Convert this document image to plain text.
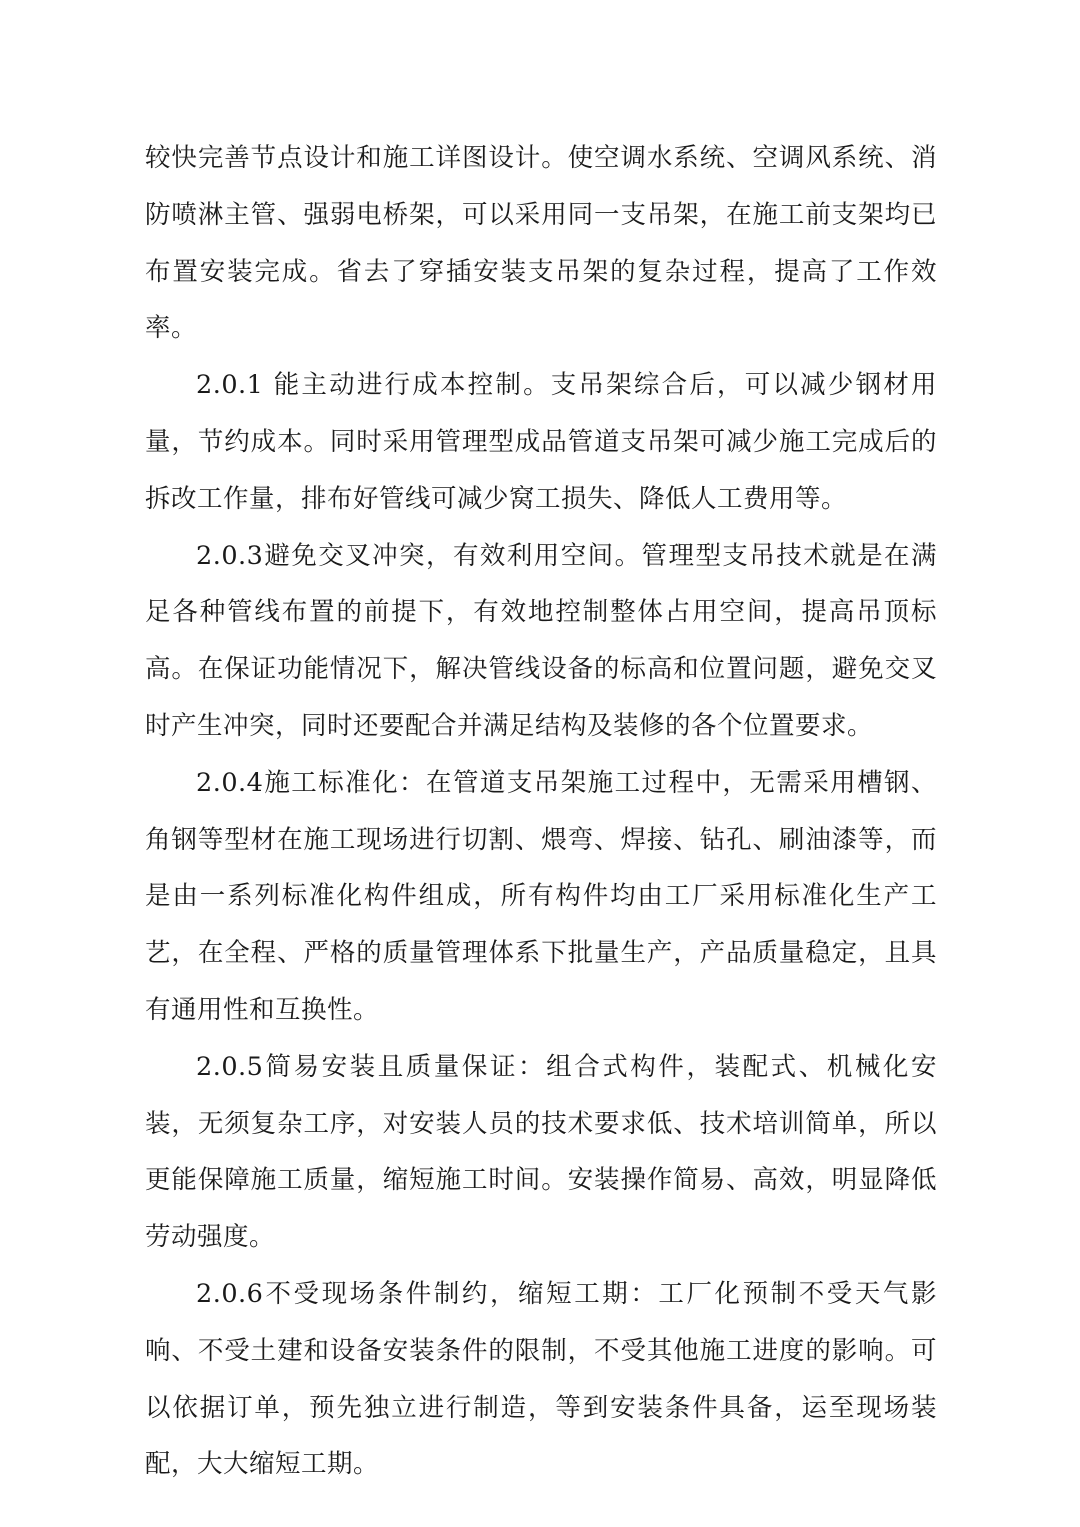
较快完善节点设计和施工详图设计。使空调水系统、空调风系统、消防喷淋主管、强弱电桥架，可以采用同一支吊架，在施工前支架均已布置安装完成。省去了穿插安装支吊架的复杂过程，提高了工作效率。

2.0.1 能主动进行成本控制。支吊架综合后，可以减少钢材用量，节约成本。同时采用管理型成品管道支吊架可减少施工完成后的拆改工作量，排布好管线可减少窝工损失、降低人工费用等。

2.0.3避免交叉冲突，有效利用空间。管理型支吊技术就是在满足各种管线布置的前提下，有效地控制整体占用空间，提高吊顶标高。在保证功能情况下，解决管线设备的标高和位置问题，避免交叉时产生冲突，同时还要配合并满足结构及装修的各个位置要求。

2.0.4施工标准化：在管道支吊架施工过程中，无需采用槽钢、角钢等型材在施工现场进行切割、煨弯、焊接、钻孔、刷油漆等，而是由一系列标准化构件组成，所有构件均由工厂采用标准化生产工艺，在全程、严格的质量管理体系下批量生产，产品质量稳定，且具有通用性和互换性。

2.0.5简易安装且质量保证：组合式构件，装配式、机械化安装，无须复杂工序，对安装人员的技术要求低、技术培训简单，所以更能保障施工质量，缩短施工时间。安装操作简易、高效，明显降低劳动强度。

2.0.6不受现场条件制约，缩短工期：工厂化预制不受天气影响、不受土建和设备安装条件的限制，不受其他施工进度的影响。可以依据订单，预先独立进行制造，等到安装条件具备，运至现场装配，大大缩短工期。
